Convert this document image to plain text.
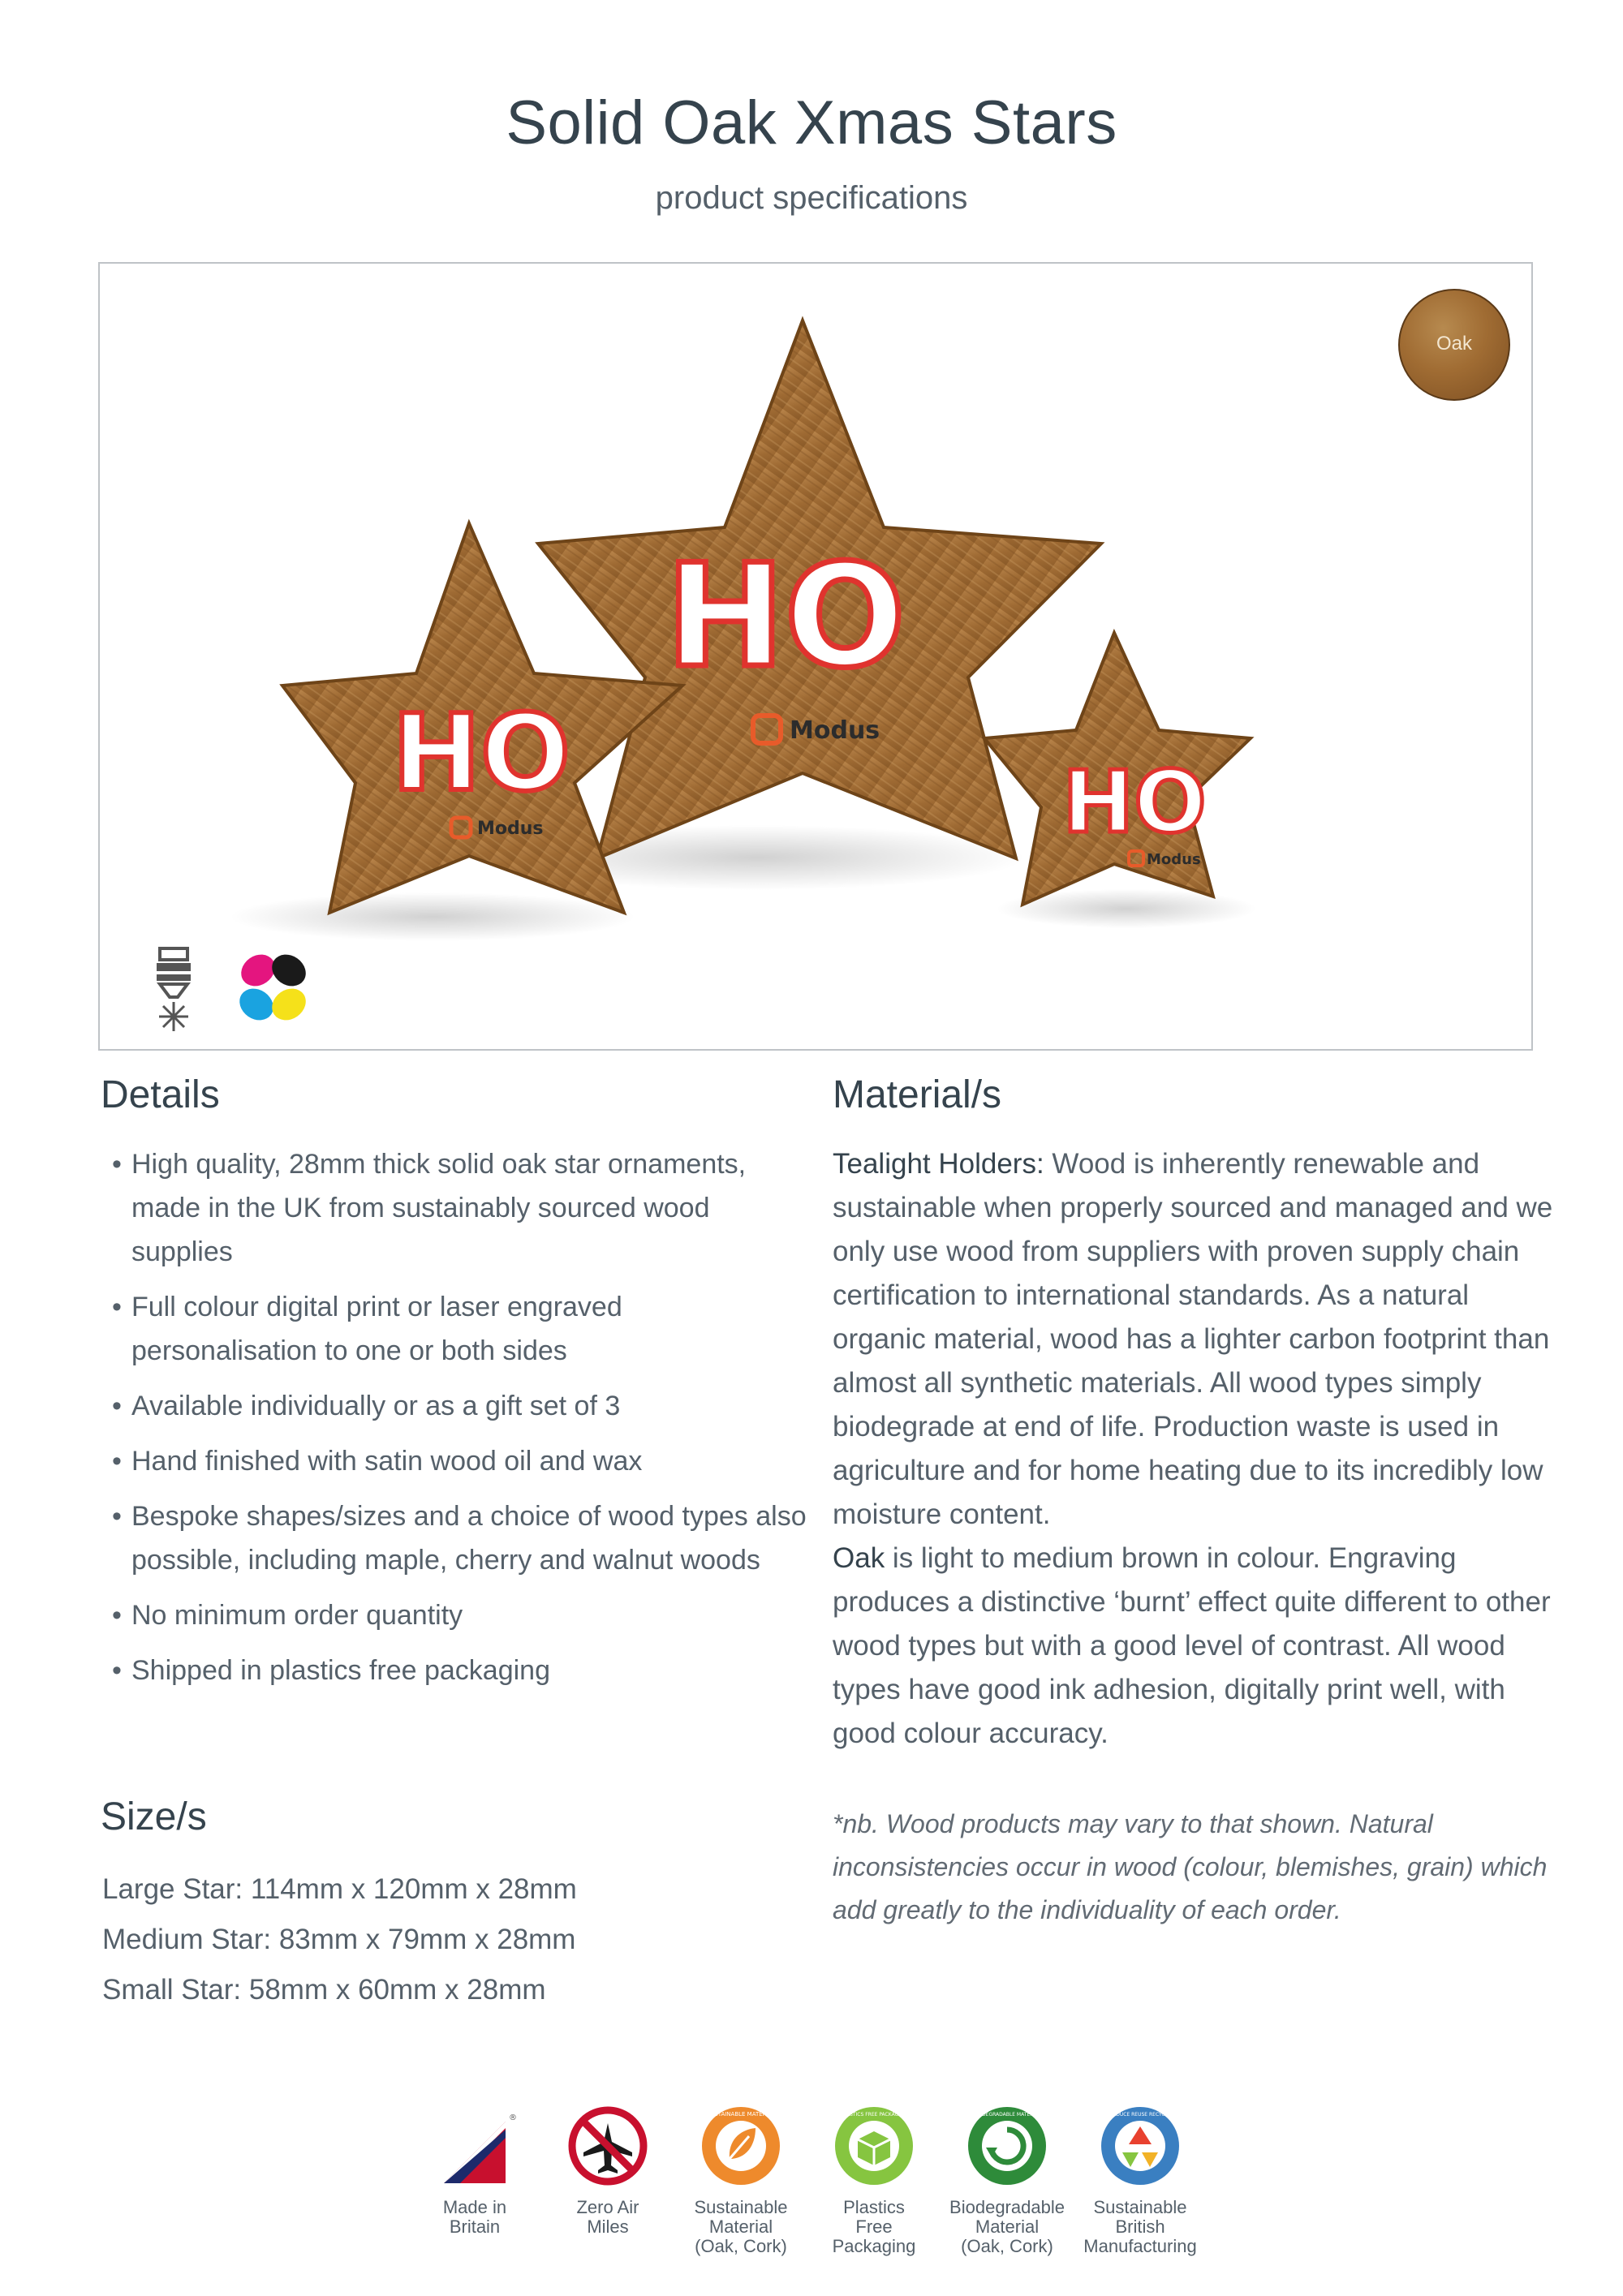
Solid Oak Xmas Stars
product specifications
HO
Modus
HO
Modus	HO
Modus
Oak
Details
• High quality, 28mm thick solid oak star ornaments, made in the UK from sustainably sourced wood supplies
• Full colour digital print or laser engraved personalisation to one or both sides
• Available individually or as a gift set of 3
• Hand finished with satin wood oil and wax
• Bespoke shapes/sizes and a choice of wood types also possible, including maple, cherry and walnut woods
• No minimum order quantity
• Shipped in plastics free packaging
Size/s
Large Star: 114mm x 120mm x 28mm
Medium Star: 83mm x 79mm x 28mm
Small Star: 58mm x 60mm x 28mm
Material/s
Tealight Holders: Wood is inherently renewable and sustainable when properly sourced and managed and we only use wood from suppliers with proven supply chain certification to international standards. As a natural organic material, wood has a lighter carbon footprint than almost all synthetic materials. All wood types simply biodegrade at end of life. Production waste is used in agriculture and for home heating due to its incredibly low moisture content.
Oak is light to medium brown in colour. Engraving produces a distinctive ‘burnt’ effect quite different to other wood types but with a good level of contrast. All wood types have good ink adhesion, digitally print well, with good colour accuracy.
*nb. Wood products may vary to that shown. Natural inconsistencies occur in wood (colour, blemishes, grain) which add greatly to the individuality of each order.
®
Made in
Britain
Zero Air
Miles
SUSTAINABLE MATERIAL
Sustainable
Material
(Oak, Cork)
PLASTICS FREE PACKAGING
Plastics
Free
Packaging
BIODEGRADABLE MATERIAL
Biodegradable
Material
(Oak, Cork)
REDUCE REUSE RECYCLE
Sustainable
British
Manufacturing
